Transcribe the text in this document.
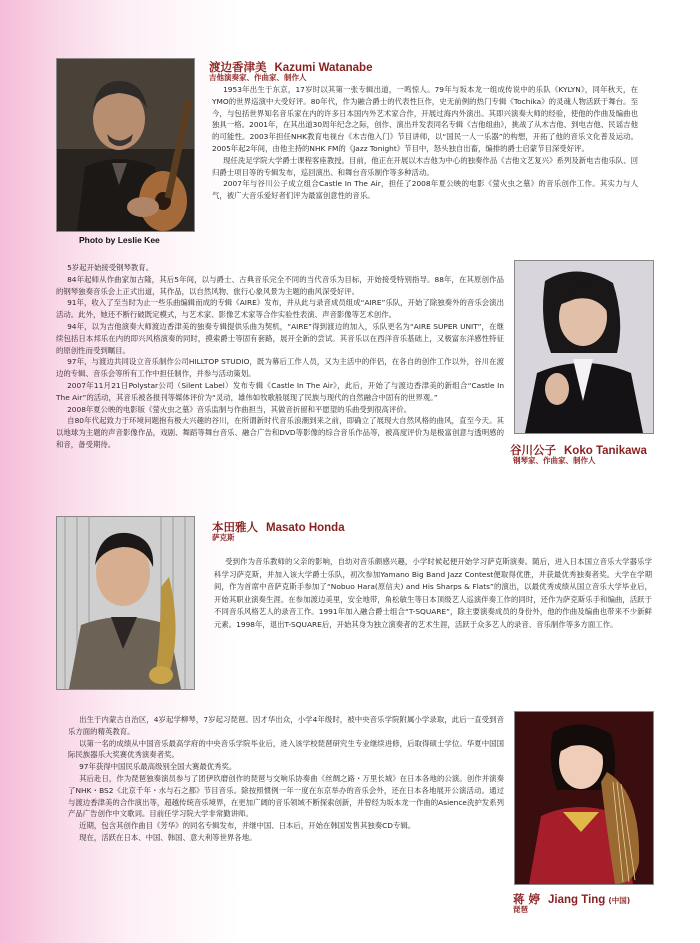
Photo by Leslie Kee
渡边香津美 Kazumi Watanabe
吉他演奏家、作曲家、制作人

1953年出生于东京，17岁时以其第一张专辑出道，一鸣惊人。79年与坂本龙一组成传说中的乐队《KYLYN》，同年秋天，在YMO的世界巡演中大受好评。80年代，作为融合爵士的代表性巨作，史无前例的热门专辑《Tochika》的灵魂人物活跃于舞台。至今，与包括世界知名音乐家在内的许多日本国内外艺术家合作，开展过海内外演出。其即兴演奏大师的经验，使他的作曲及编曲也独具一格。2001年，在其出道30周年纪念之际，创作、演出并发表同名专辑《吉他组曲》，挑战了从木吉他、到电吉他、民谣吉他的可能性。2003年担任NHK教育电视台《木吉他入门》节目讲师，以“国民一人一乐器”的构想，开拓了他的音乐文化普及运动。2005年起2年间，由他主持的NHK FM的《Jazz Tonight》节目中，怒头独自出畜，编排的爵士启蒙节目深受好评。

现任洗足学院大学爵士课程客座教授。目前，他正在开展以木吉他为中心的独奏作品《吉他文艺复兴》系列及新电吉他乐队、回归爵士项目等的专辑发布，巡回演出、和舞台音乐制作等多种活动。

2007年与谷川公子成立组合Castle In The Air，担任了2008年夏公映的电影《萤火虫之墓》的音乐创作工作。其实力与人气，被广大音乐爱好者们评为最富创意性的音乐。

5岁起开始接受钢琴教育。

84年起师从作曲家加古隆，其后5年间，以与爵士、古典音乐完全不同的当代音乐为目标，开始接受特别指导。88年，在其原创作品的钢琴独奏音乐会上正式出道，其作品，以自然风物、旅行心象风景为主题的曲风深受好评。

91年，收入了至当时为止一些乐曲编辑而成的专辑《AIRE》发布，并从此与录音成员组成“AIRE”乐队，开始了除独奏外的音乐会演出活动。此外，她还不断行破既定模式，与艺术家、影像艺术家等合作实验性表演、声音影像等艺术创作。

94年，以为吉他演奏大师渡边香津美的独奏专辑提供乐曲为契机，“AIRE”得到渡边的加入，乐队更名为“AIRE SUPER UNIT”，在继续包括日本邦乐在内的即兴风格演奏的同时，摸索爵士等固有套路，展开全新的尝试。其音乐以在西洋音乐基础上，又极富东洋感性特征的原创性而受到瞩目。

97年，与渡边共同设立音乐制作公司HILLTOP STUDIO，既为幕后工作人员，又为主活中的伴侣，在各自的创作工作以外，谷川在渡边的专辑、音乐会等所有工作中担任制作，并参与活动策划。

2007年11月21日Polystar公司（Silent Label）发布专辑《Castle In The Air》，此后，开始了与渡边香津美的新组合“Castle In The Air”的活动，其音乐被各报刊等媒体评价为“灵动，雄伟如牧歌般展现了民族与现代的自然融合中固有的世界观。”

2008年夏公映的电影版《萤火虫之墓》音乐监制与作曲担当，其做音折留和平愿望的乐曲受到很高评价。

自80年代起致力于环境问题抱有极大兴趣的谷川，在所谓新时代音乐浪潮到来之前，即确立了展现大自然风格的曲风，直至今天。其以地球为主题的声音影像作品，戏剧、舞蹈等舞台音乐、融合广告和DVD等影像的综合音乐作品等，被高度评价为是极富创意与透明感的和音，备受期待。	谷川公子 Koko Tanikawa
钢琴家、作曲家、制作人
本田雅人 Masato Honda
萨克斯

受到作为音乐教师的父亲的影响，自幼对音乐颇感兴趣，小学时候起便开始学习萨克斯演奏。随后，进入日本国立音乐大学器乐学科学习萨克斯，并加入该大学爵士乐队，初次参加Yamano Big Band Jazz Contest便取得优胜，并获最优秀独奏者奖。大学在学期间，作为首席中音萨克斯手参加了“Nobuo Hara(原信夫) and His Sharps & Flats”的演出，以最优秀成绩从国立音乐大学毕业后，开始其职业演奏生涯。在参加渡边美里，安全地带，角松敏生等日本顶级艺人巡演伴奏工作的同时，还作为萨克斯乐手和编曲，活跃于不同音乐风格艺人的录音工作。1991年加入融合爵士组合“T-SQUARE”，除主要演奏成员的身份外，他的作曲及编曲也带来不少新鲜元素。1998年，退出T-SQUARE后，开始其身为独立演奏者的艺术生涯，活跃于众多艺人的录音、音乐制作等多方面工作。

出生于内蒙古自治区，4岁起学柳琴，7岁起习琵琶。因才华出众，小学4年级时，被中央音乐学院附属小学录取，此后一直受到音乐方面的精英教育。

以第一名的成绩从中国音乐最高学府的中央音乐学院毕业后，进入该学校琵琶研究生专业继续进修，后取得硕士学位。华夏中国国际民族器乐大奖赛优秀演奏者奖。

97年获得中国民乐最高级别全国大赛最优秀奖。

其后赴日，作为琵琶独奏演员参与了团伊玖磨创作的琵琶与交响乐协奏曲《丝绸之路・万里长城》在日本各地的公演。创作并演奏了NHK・BS2《北京千年・水与石之都》节目音乐。除按照惯例一年一度在东京举办的音乐会外，还在日本各地展开公演活动。通过与渡边香津美的合作演出等，超越传统音乐境界，在更加广阔的音乐领域不断探索创新，并曾经为坂本龙一作曲的Asience洗护发系列产品广告创作中文歌词。目前任学习院大学非常勤讲师。

近期，包含其创作曲目《芳华》的同名专辑发布，并继中国、日本后，开始在韩国发售其独奏CD专辑。

现在，活跃在日本、中国、韩国、意大利等世界各地。

蒋 婷 Jiang Ting (中国)
琵琶
